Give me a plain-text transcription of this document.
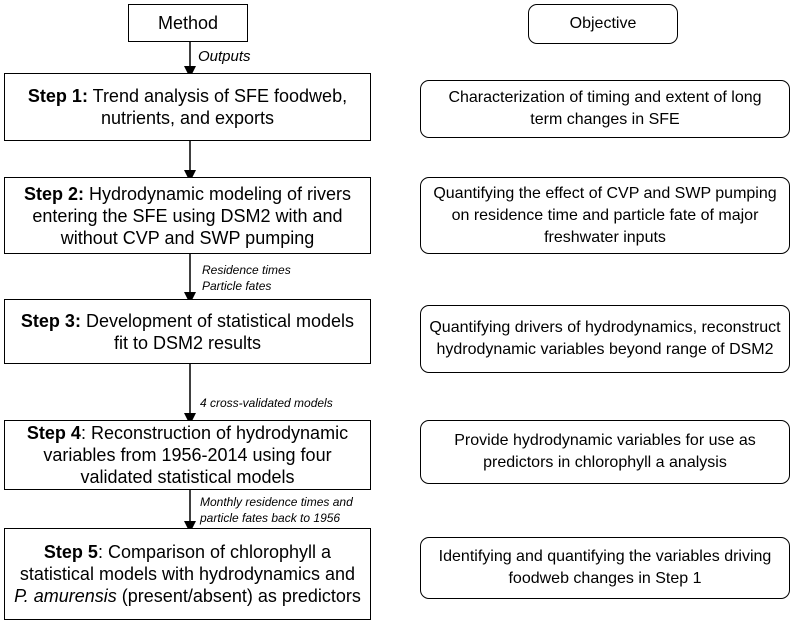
Method	Objective
Outputs
Residence times
Particle fates
4 cross-validated models
Monthly residence times and
particle fates back to 1956
Step 1: Trend analysis of SFE foodweb, nutrients, and exports
Step 2: Hydrodynamic modeling of rivers entering the SFE using DSM2 with and without CVP and SWP pumping
Step 3: Development of statistical models fit to DSM2 results
Step 4: Reconstruction of hydrodynamic variables from 1956-2014 using four validated statistical models
Step 5: Comparison of chlorophyll a statistical models with hydrodynamics and P. amurensis (present/absent) as predictors
Characterization of timing and extent of long term changes in SFE
Quantifying the effect of CVP and SWP pumping on residence time and particle fate of major freshwater inputs
Quantifying drivers of hydrodynamics, reconstruct hydrodynamic variables beyond range of DSM2
Provide hydrodynamic variables for use as predictors in chlorophyll a analysis
Identifying and quantifying the variables driving foodweb changes in Step 1
